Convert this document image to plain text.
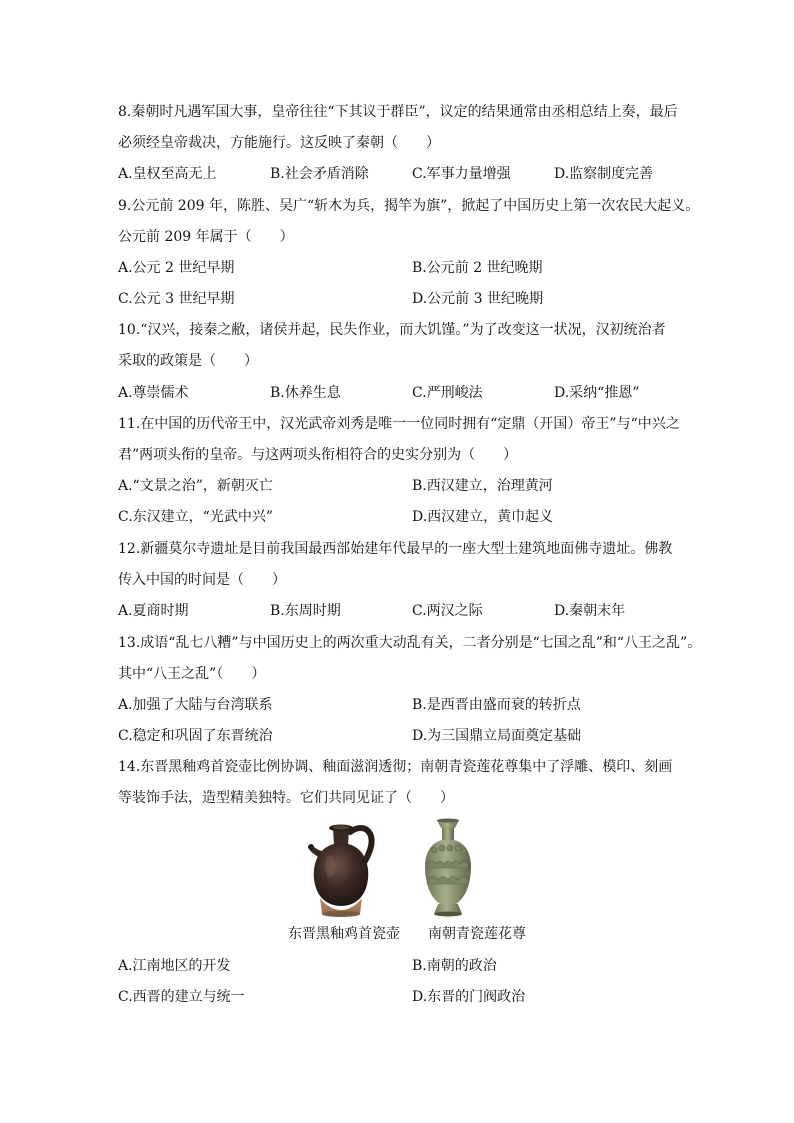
8.秦朝时凡遇军国大事，皇帝往往“下其议于群臣”，议定的结果通常由丞相总结上奏，最后
必须经皇帝裁决，方能施行。这反映了秦朝（　　）
A.皇权至高无上	B.社会矛盾消除	C.军事力量增强	D.监察制度完善
9.公元前 209 年，陈胜、吴广“斩木为兵，揭竿为旗”，掀起了中国历史上第一次农民大起义。
公元前 209 年属于（　　）
A.公元 2 世纪早期	B.公元前 2 世纪晚期
C.公元 3 世纪早期	D.公元前 3 世纪晚期
10.“汉兴，接秦之敝，诸侯并起，民失作业，而大饥馑。”为了改变这一状况，汉初统治者
采取的政策是（　　）
A.尊崇儒术	B.休养生息	C.严刑峻法	D.采纳“推恩”
11.在中国的历代帝王中，汉光武帝刘秀是唯一一位同时拥有“定鼎（开国）帝王”与“中兴之
君”两项头衔的皇帝。与这两项头衔相符合的史实分别为（　　）
A.“文景之治”，新朝灭亡	B.西汉建立，治理黄河
C.东汉建立，“光武中兴”	D.西汉建立，黄巾起义
12.新疆莫尔寺遗址是目前我国最西部始建年代最早的一座大型土建筑地面佛寺遗址。佛教
传入中国的时间是（　　）
A.夏商时期	B.东周时期	C.两汉之际	D.秦朝末年
13.成语“乱七八糟”与中国历史上的两次重大动乱有关，二者分别是“七国之乱”和“八王之乱”。
其中“八王之乱”（　　）
A.加强了大陆与台湾联系	B.是西晋由盛而衰的转折点
C.稳定和巩固了东晋统治	D.为三国鼎立局面奠定基础
14.东晋黑釉鸡首瓷壶比例协调、釉面滋润透彻；南朝青瓷莲花尊集中了浮雕、模印、刻画
等装饰手法，造型精美独特。它们共同见证了（　　）
东晋黑釉鸡首瓷壶 南朝青瓷莲花尊
A.江南地区的开发	B.南朝的政治
C.西晋的建立与统一	D.东晋的门阀政治
